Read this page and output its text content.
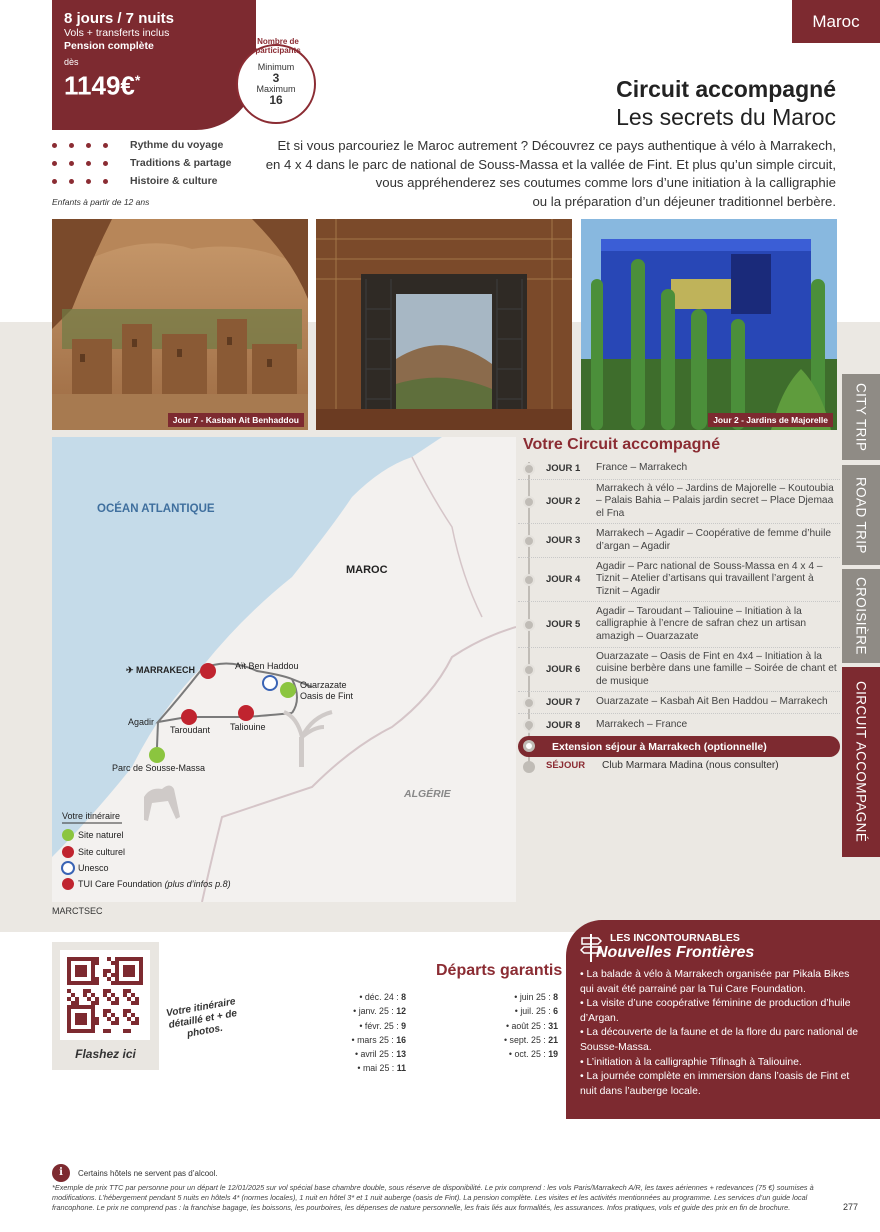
8 jours / 7 nuits
Vols + transferts inclus
Pension complète
dès
1149€*
Nombre de participants
Minimum
3
Maximum
16
Maroc
Circuit accompagné
Les secrets du Maroc
Et si vous parcouriez le Maroc autrement ? Découvrez ce pays authentique à vélo à Marrakech,
en 4 x 4 dans le parc de national de Souss-Massa et la vallée de Fint. Et plus qu’un simple circuit,
vous appréhenderez ses coutumes comme lors d’une initiation à la calligraphie
ou la préparation d’un déjeuner traditionnel berbère.
Rythme du voyage
Traditions & partage
Histoire & culture
Enfants à partir de 12 ans
Jour 7 - Kasbah Ait Benhaddou	Jour 2 - Jardins de Majorelle	CITY TRIP
ROAD TRIP
CROISIÈRE
CIRCUIT ACCOMPAGNÉ
OCÉAN ATLANTIQUE
MAROC
ALGÉRIE
✈ MARRAKECH	Aït Ben Haddou
Ouarzazate
Oasis de Fint
Agadir
Taroudant Taliouine
Parc de Sousse-Massa
Votre itinéraire
Site naturel
Site culturel
Unesco
TUI Care Foundation (plus d’infos p.8)
MARCTSEC
Votre Circuit accompagné
JOUR 1	France – Marrakech
JOUR 2
Marrakech à vélo – Jardins de Majorelle – Koutoubia – Palais Bahia – Palais jardin secret – Place Djemaa el Fna
JOUR 3
Marrakech – Agadir – Coopérative de femme d’huile d’argan – Agadir
JOUR 4
Agadir – Parc national de Souss-Massa en 4 x 4 – Tiznit – Atelier d’artisans qui travaillent l’argent à Tiznit – Agadir
JOUR 5
Agadir – Taroudant – Taliouine – Initiation à la calligraphie à l’encre de safran chez un artisan amazigh – Ouarzazate
JOUR 6
Ouarzazate – Oasis de Fint en 4x4 – Initiation à la cuisine berbère dans une famille – Soirée de chant et de musique
JOUR 7	Ouarzazate – Kasbah Ait Ben Haddou – Marrakech
JOUR 8	Marrakech – France
Extension séjour à Marrakech (optionnelle)
SÉJOUR	Club Marmara Madina (nous consulter)
Flashez ici
Votre itinéraire détaillé et + de photos.
Départs garantis
• déc. 24 : 8
• janv. 25 : 12
• févr. 25 : 9
• mars 25 : 16
• avril 25 : 13
• mai 25 : 11
• juin 25 : 8
• juil. 25 : 6
• août 25 : 31
• sept. 25 : 21
• oct. 25 : 19
LES INCONTOURNABLES
Nouvelles Frontières
• La balade à vélo à Marrakech organisée par Pikala Bikes qui avait été parrainé par la Tui Care Foundation.
• La visite d’une coopérative féminine de production d’huile d’Argan.
• La découverte de la faune et de la flore du parc national de Sousse-Massa.
• L’initiation à la calligraphie Tifinagh à Taliouine.
• La journée complète en immersion dans l’oasis de Fint et nuit dans l’auberge locale.
i	Certains hôtels ne servent pas d’alcool.
*Exemple de prix TTC par personne pour un départ le 12/01/2025 sur vol spécial base chambre double, sous réserve de disponibilité. Le prix comprend : les vols Paris/Marrakech A/R, les taxes aériennes + redevances (75 €) soumises à modifications. L’hébergement pendant 5 nuits en hôtels 4* (normes locales), 1 nuit en hôtel 3* et 1 nuit auberge (oasis de Fint). La pension complète. Les visites et les activités mentionnées au programme. Les services d’un guide local francophone. Le prix ne comprend pas : la franchise bagage, les boissons, les pourboires, les dépenses de nature personnelle, les frais liés aux formalités, les assurances. Infos pratiques, vols et guide des prix en fin de brochure.	277
